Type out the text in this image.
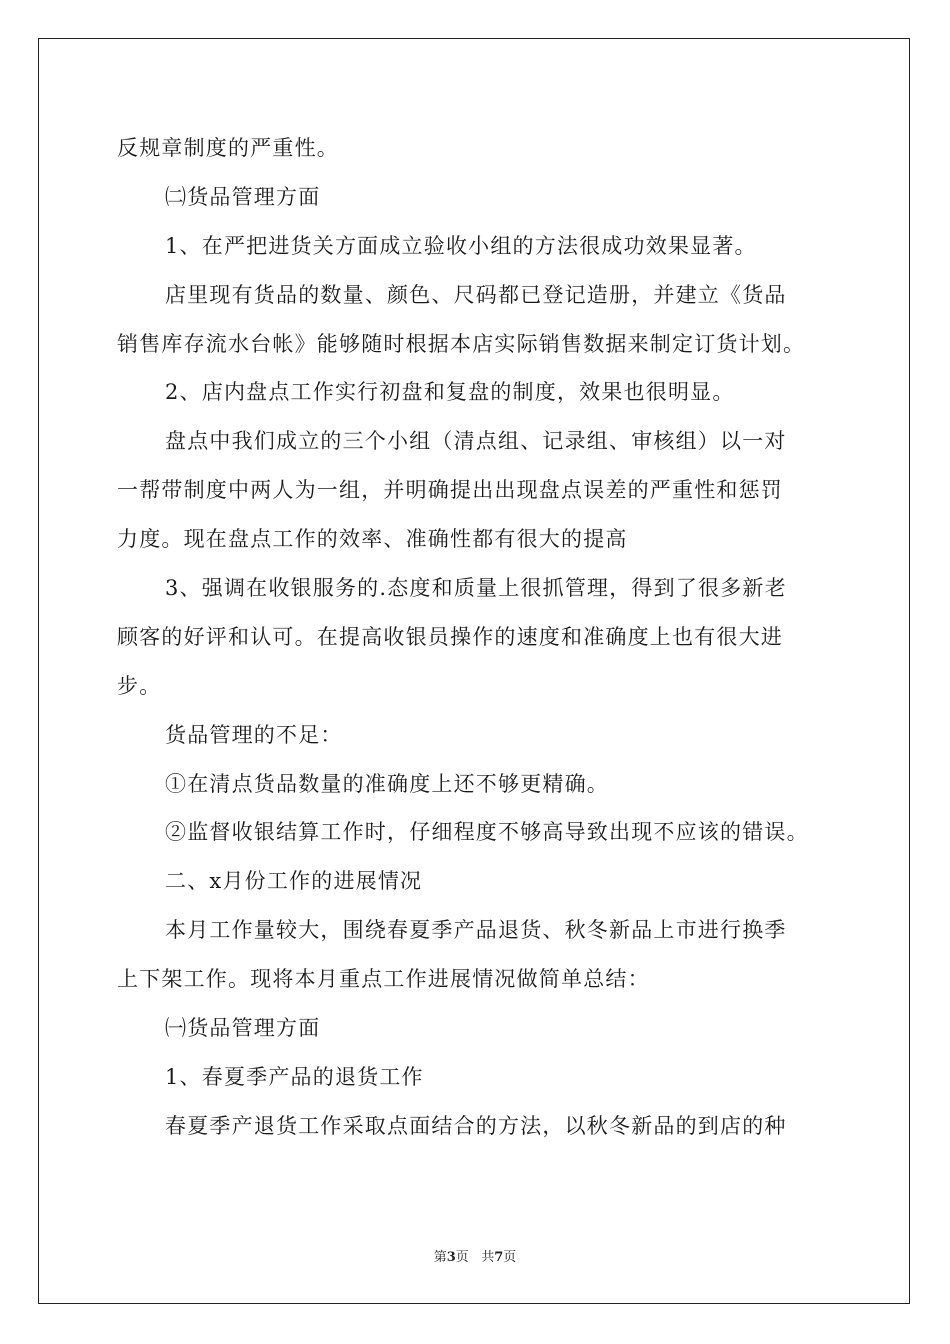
反规章制度的严重性。
㈡货品管理方面
1、在严把进货关方面成立验收小组的方法很成功效果显著。
店里现有货品的数量、颜色、尺码都已登记造册，并建立《货品
销售库存流水台帐》能够随时根据本店实际销售数据来制定订货计划。
2、店内盘点工作实行初盘和复盘的制度，效果也很明显。
盘点中我们成立的三个小组（清点组、记录组、审核组）以一对
一帮带制度中两人为一组，并明确提出出现盘点误差的严重性和惩罚
力度。现在盘点工作的效率、准确性都有很大的提高
3、强调在收银服务的.态度和质量上很抓管理，得到了很多新老
顾客的好评和认可。在提高收银员操作的速度和准确度上也有很大进
步。
货品管理的不足：
①在清点货品数量的准确度上还不够更精确。
②监督收银结算工作时，仔细程度不够高导致出现不应该的错误。
二、x月份工作的进展情况
本月工作量较大，围绕春夏季产品退货、秋冬新品上市进行换季
上下架工作。现将本月重点工作进展情况做简单总结：
㈠货品管理方面
1、春夏季产品的退货工作
春夏季产退货工作采取点面结合的方法，以秋冬新品的到店的种
第3页 共7页
